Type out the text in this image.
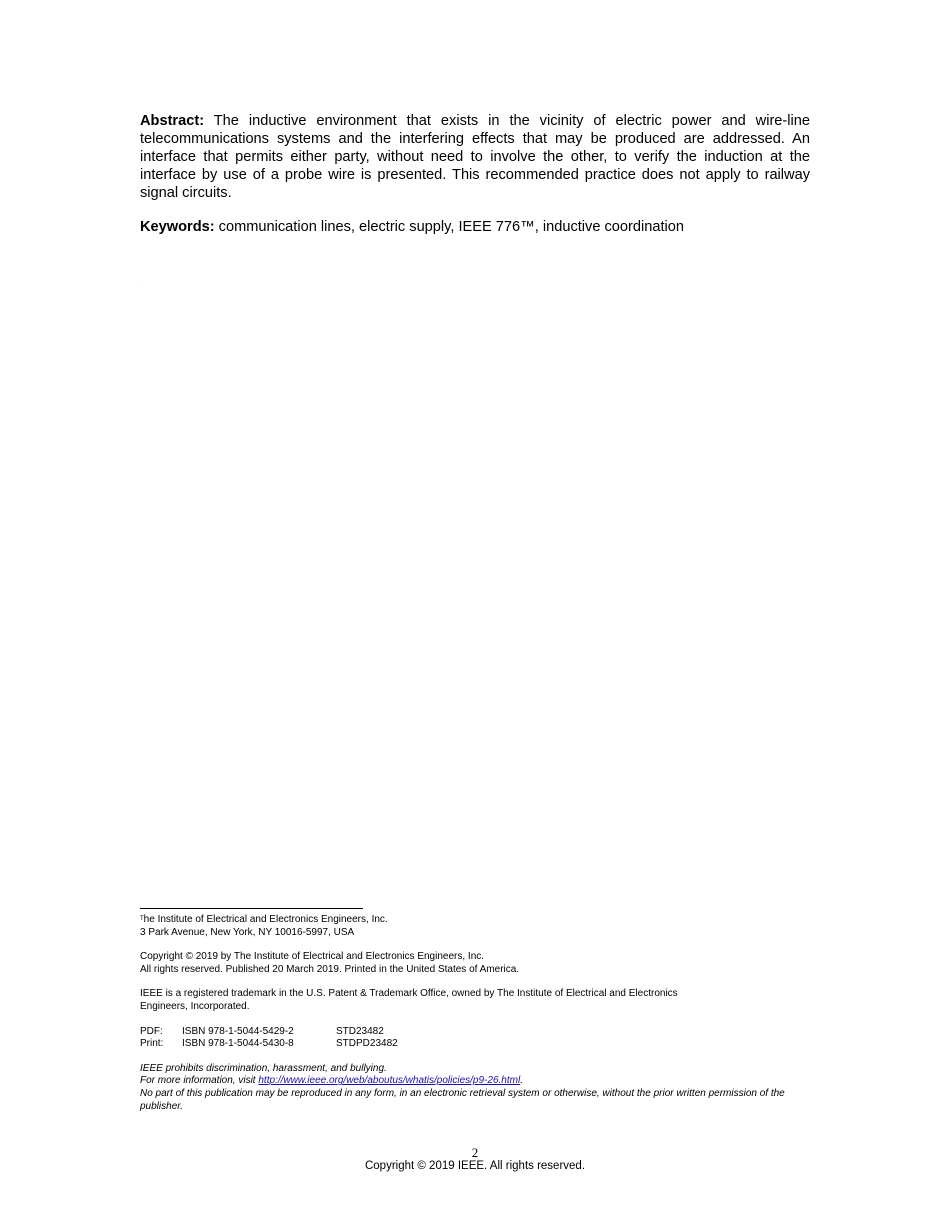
Abstract: The inductive environment that exists in the vicinity of electric power and wire-line telecommunications systems and the interfering effects that may be produced are addressed. An interface that permits either party, without need to involve the other, to verify the induction at the interface by use of a probe wire is presented. This recommended practice does not apply to railway signal circuits.

Keywords: communication lines, electric supply, IEEE 776™, inductive coordination

.

$^T$he Institute of Electrical and Electronics Engineers, Inc.

3 Park Avenue, New York, NY 10016-5997, USA

Copyright © 2019 by The Institute of Electrical and Electronics Engineers, Inc.

All rights reserved. Published 20 March 2019. Printed in the United States of America.

IEEE is a registered trademark in the U.S. Patent & Trademark Office, owned by The Institute of Electrical and Electronics

Engineers, Incorporated.

PDF:	ISBN 978-1-5044-5429-2	STD23482
Print:	ISBN 978-1-5044-5430-8	STDPD23482

IEEE prohibits discrimination, harassment, and bullying.

For more information, visit http://www.ieee.org/web/aboutus/whatis/policies/p9-26.html.

No part of this publication may be reproduced in any form, in an electronic retrieval system or otherwise, without the prior written permission of the publisher.

2
Copyright © 2019 IEEE. All rights reserved.
